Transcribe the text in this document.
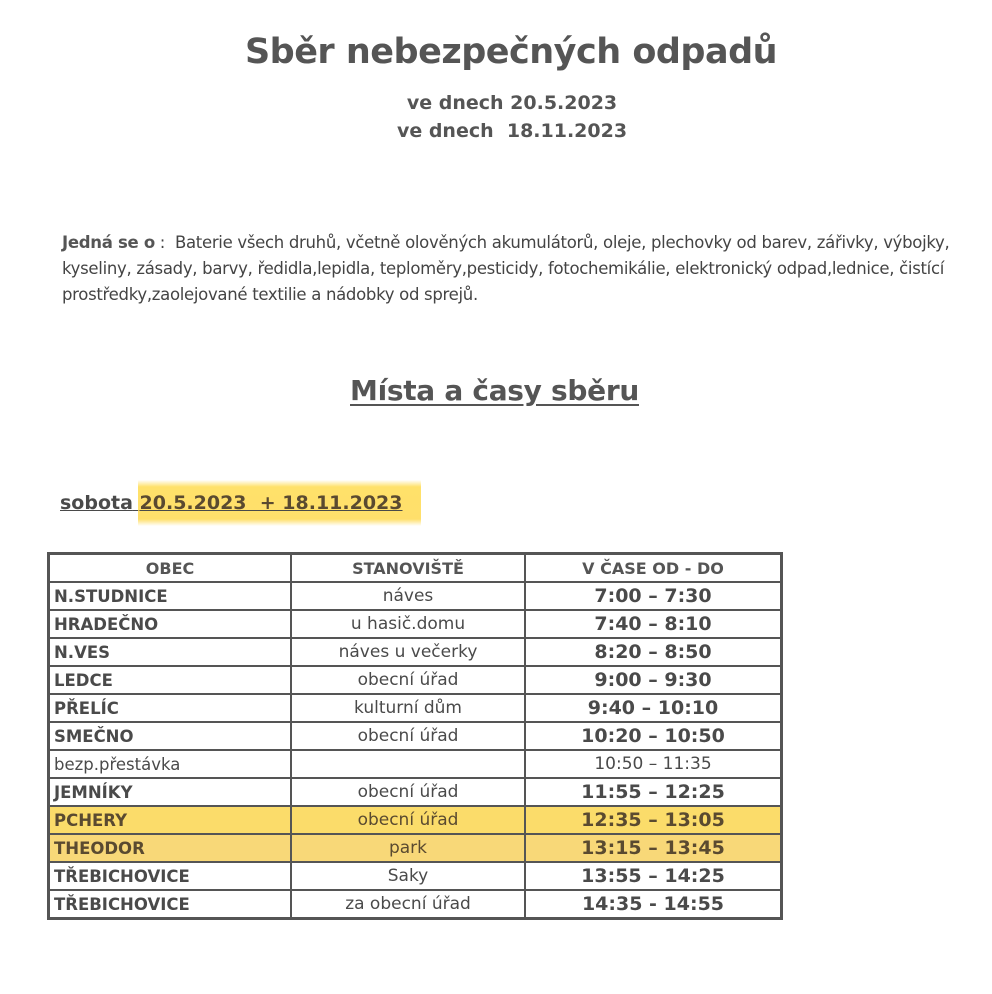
Sběr nebezpečných odpadů
ve dnech 20.5.2023
ve dnech  18.11.2023
Jedná se o :  Baterie všech druhů, včetně olověných akumulátorů, oleje, plechovky od barev, zářivky, výbojky, kyseliny, zásady, barvy, ředidla,lepidla, teploměry,pesticidy, fotochemikálie, elektronický odpad,lednice, čistící prostředky,zaolejované textilie a nádobky od sprejů.
Místa a časy sběru
sobota 20.5.2023  + 18.11.2023
OBEC	STANOVIŠTĚ	V ČASE OD - DO
N.STUDNICE	náves	7:00 – 7:30
HRADEČNO	u hasič.domu	7:40 – 8:10
N.VES	náves u večerky	8:20 – 8:50
LEDCE	obecní úřad	9:00 – 9:30
PŘELÍC	kulturní dům	9:40 – 10:10
SMEČNO	obecní úřad	10:20 – 10:50
bezp.přestávka		10:50 – 11:35
JEMNÍKY	obecní úřad	11:55 – 12:25
PCHERY	obecní úřad	12:35 – 13:05
THEODOR	park	13:15 – 13:45
TŘEBICHOVICE	Saky	13:55 – 14:25
TŘEBICHOVICE	za obecní úřad	14:35 - 14:55
